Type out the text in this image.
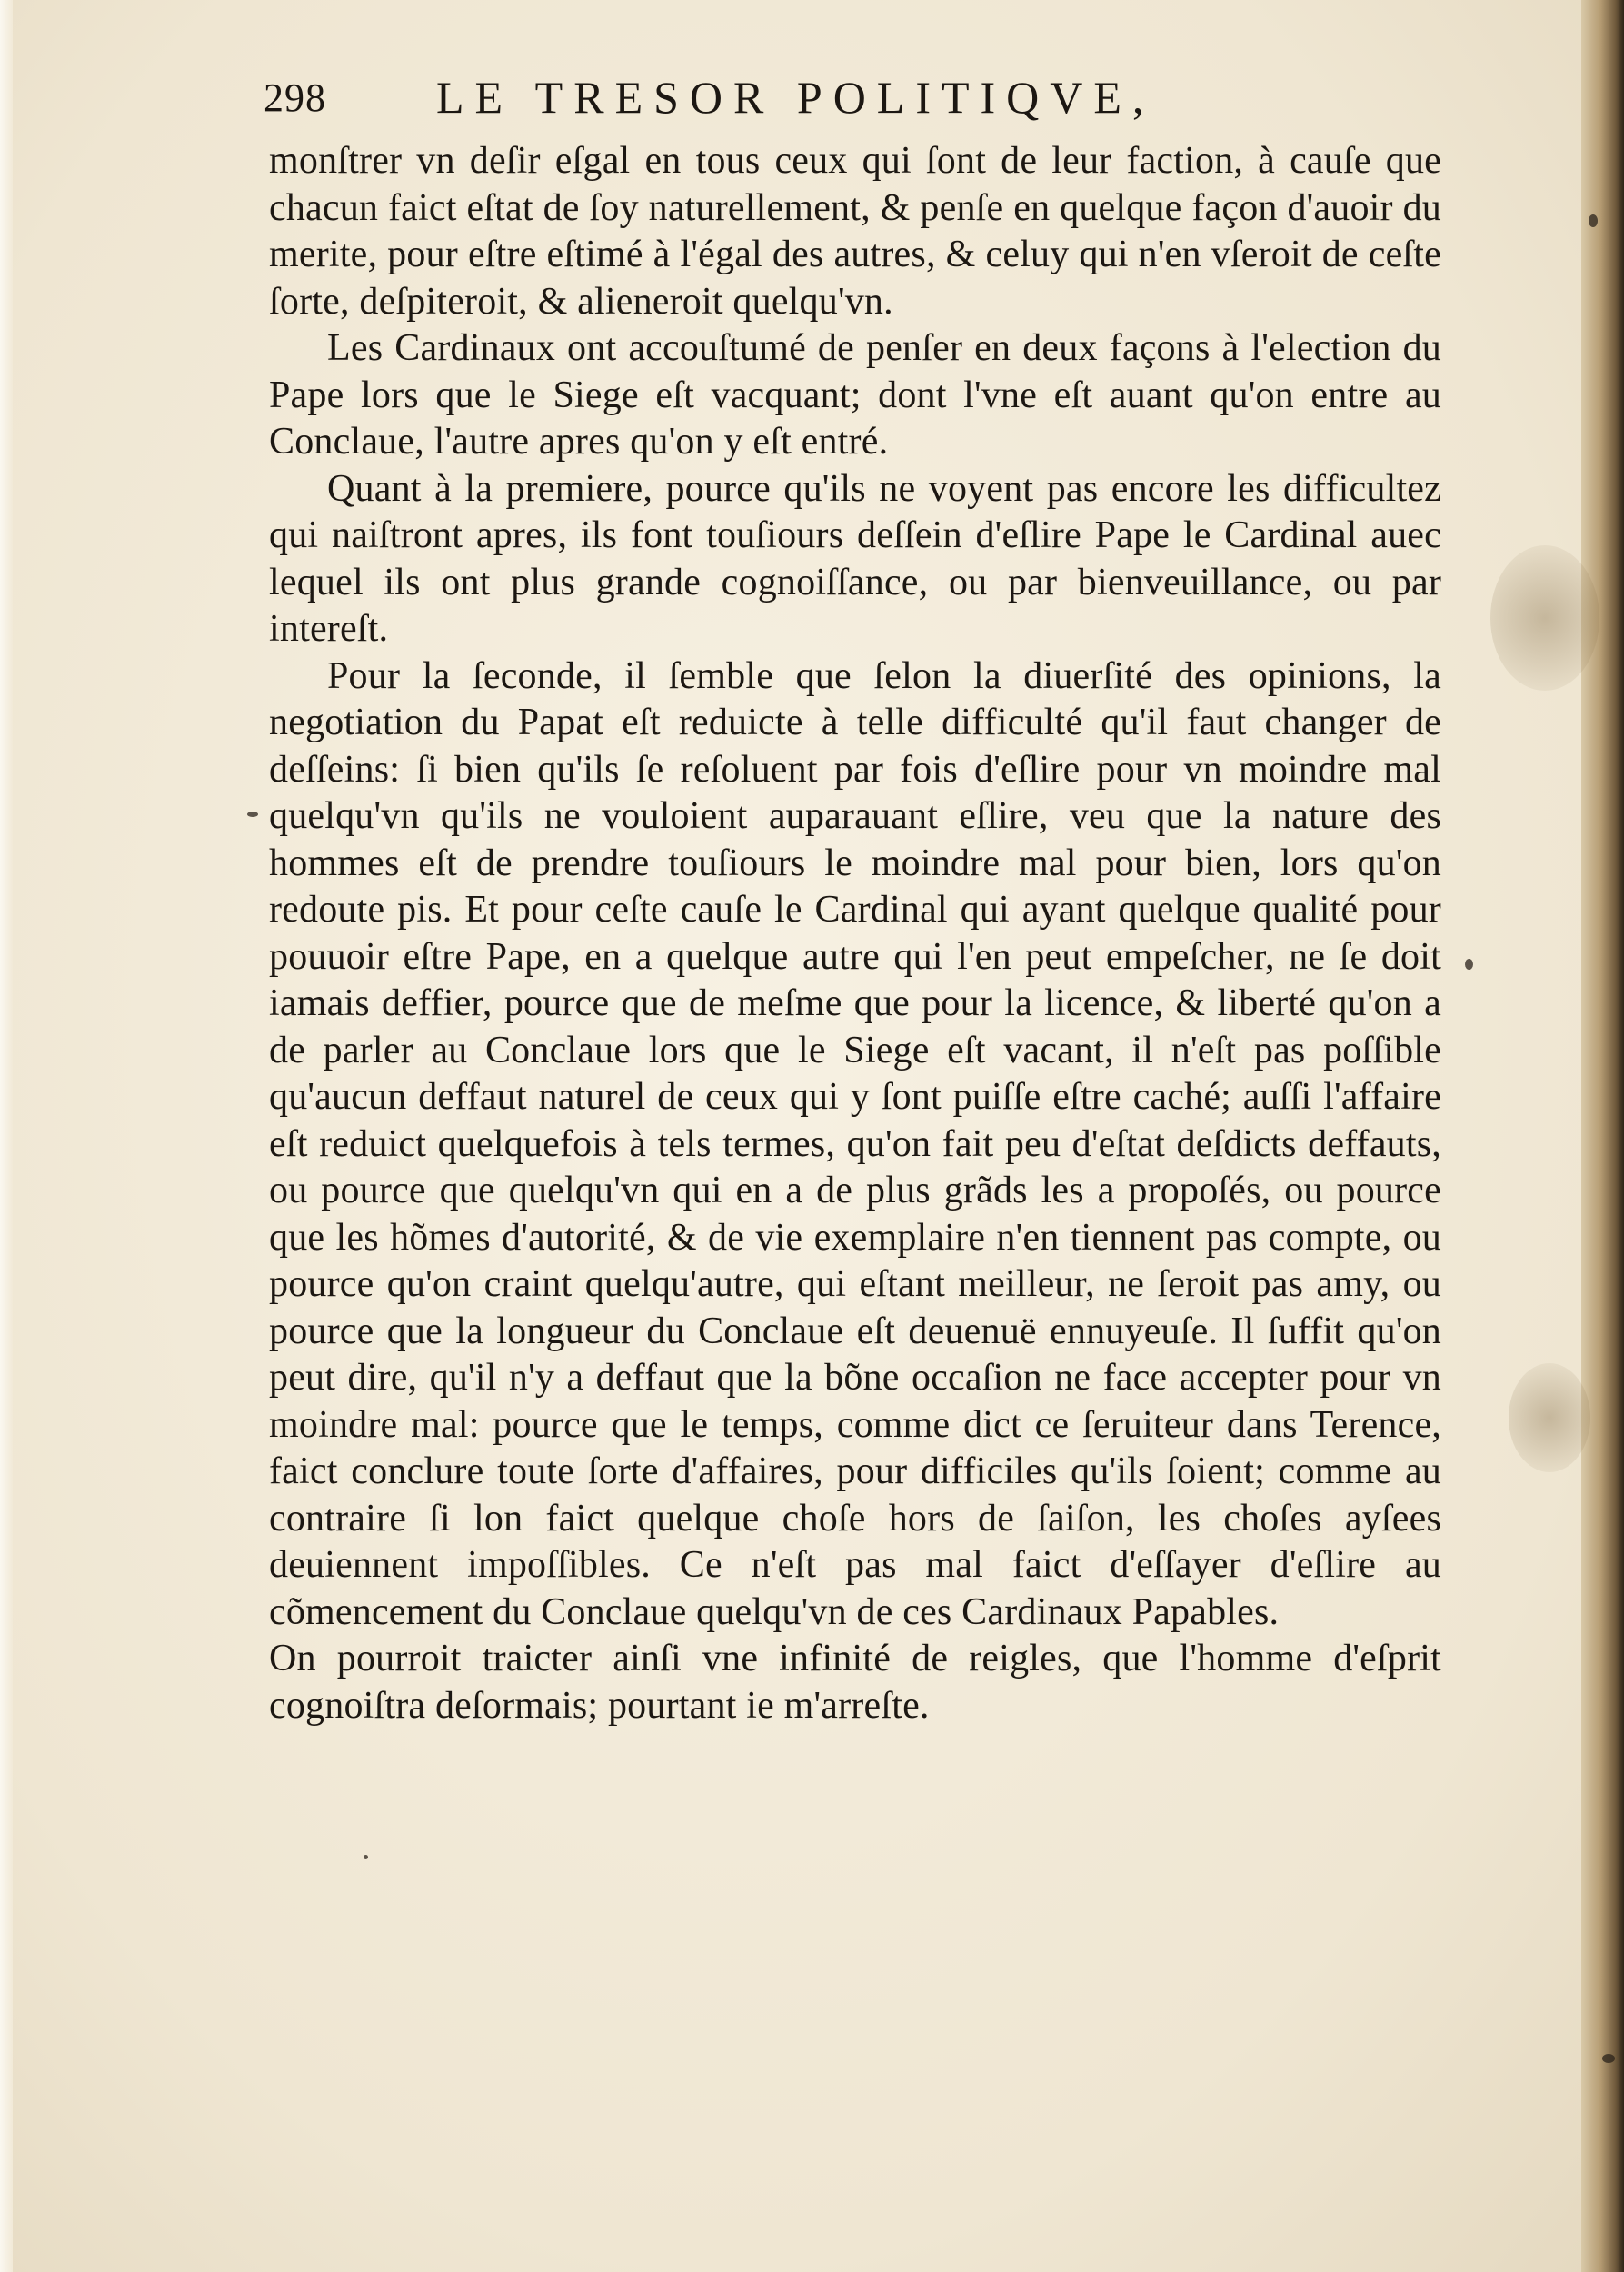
298 LE TRESOR POLITIQVE,

monſtrer vn deſir eſgal en tous ceux qui ſont de leur faction, à cauſe que chacun faict eſtat de ſoy naturellement, & penſe en quelque façon d'auoir du merite, pour eſtre eſtimé à l'égal des autres, & celuy qui n'en vſeroit de ceſte ſorte, deſpiteroit, & alieneroit quelqu'vn.

Les Cardinaux ont accouſtumé de penſer en deux façons à l'election du Pape lors que le Siege eſt vacquant; dont l'vne eſt auant qu'on entre au Conclaue, l'autre apres qu'on y eſt entré.

Quant à la premiere, pource qu'ils ne voyent pas encore les difficultez qui naiſtront apres, ils font touſiours deſſein d'eſlire Pape le Cardinal auec lequel ils ont plus grande cognoiſſance, ou par bienveuillance, ou par intereſt.

Pour la ſeconde, il ſemble que ſelon la diuerſité des opinions, la negotiation du Papat eſt reduicte à telle difficulté qu'il faut changer de deſſeins: ſi bien qu'ils ſe reſoluent par fois d'eſlire pour vn moindre mal quelqu'vn qu'ils ne vouloient auparauant eſlire, veu que la nature des hommes eſt de prendre touſiours le moindre mal pour bien, lors qu'on redoute pis. Et pour ceſte cauſe le Cardinal qui ayant quelque qualité pour pouuoir eſtre Pape, en a quelque autre qui l'en peut empeſcher, ne ſe doit iamais deffier, pource que de meſme que pour la licence, & liberté qu'on a de parler au Conclaue lors que le Siege eſt vacant, il n'eſt pas poſſible qu'aucun deffaut naturel de ceux qui y ſont puiſſe eſtre caché; auſſi l'affaire eſt reduict quelquefois à tels termes, qu'on fait peu d'eſtat deſdicts deffauts, ou pource que quelqu'vn qui en a de plus grãds les a propoſés, ou pource que les hõmes d'autorité, & de vie exemplaire n'en tiennent pas compte, ou pource qu'on craint quelqu'autre, qui eſtant meilleur, ne ſeroit pas amy, ou pource que la longueur du Conclaue eſt deuenuë ennuyeuſe. Il ſuffit qu'on peut dire, qu'il n'y a deffaut que la bõne occaſion ne face accepter pour vn moindre mal: pource que le temps, comme dict ce ſeruiteur dans Terence, faict conclure toute ſorte d'affaires, pour difficiles qu'ils ſoient; comme au contraire ſi lon faict quelque choſe hors de ſaiſon, les choſes ayſees deuiennent impoſſibles. Ce n'eſt pas mal faict d'eſſayer d'eſlire au cõmencement du Conclaue quelqu'vn de ces Cardinaux Papables.

On pourroit traicter ainſi vne infinité de reigles, que l'homme d'eſprit cognoiſtra deſormais; pourtant ie m'arreſte.
